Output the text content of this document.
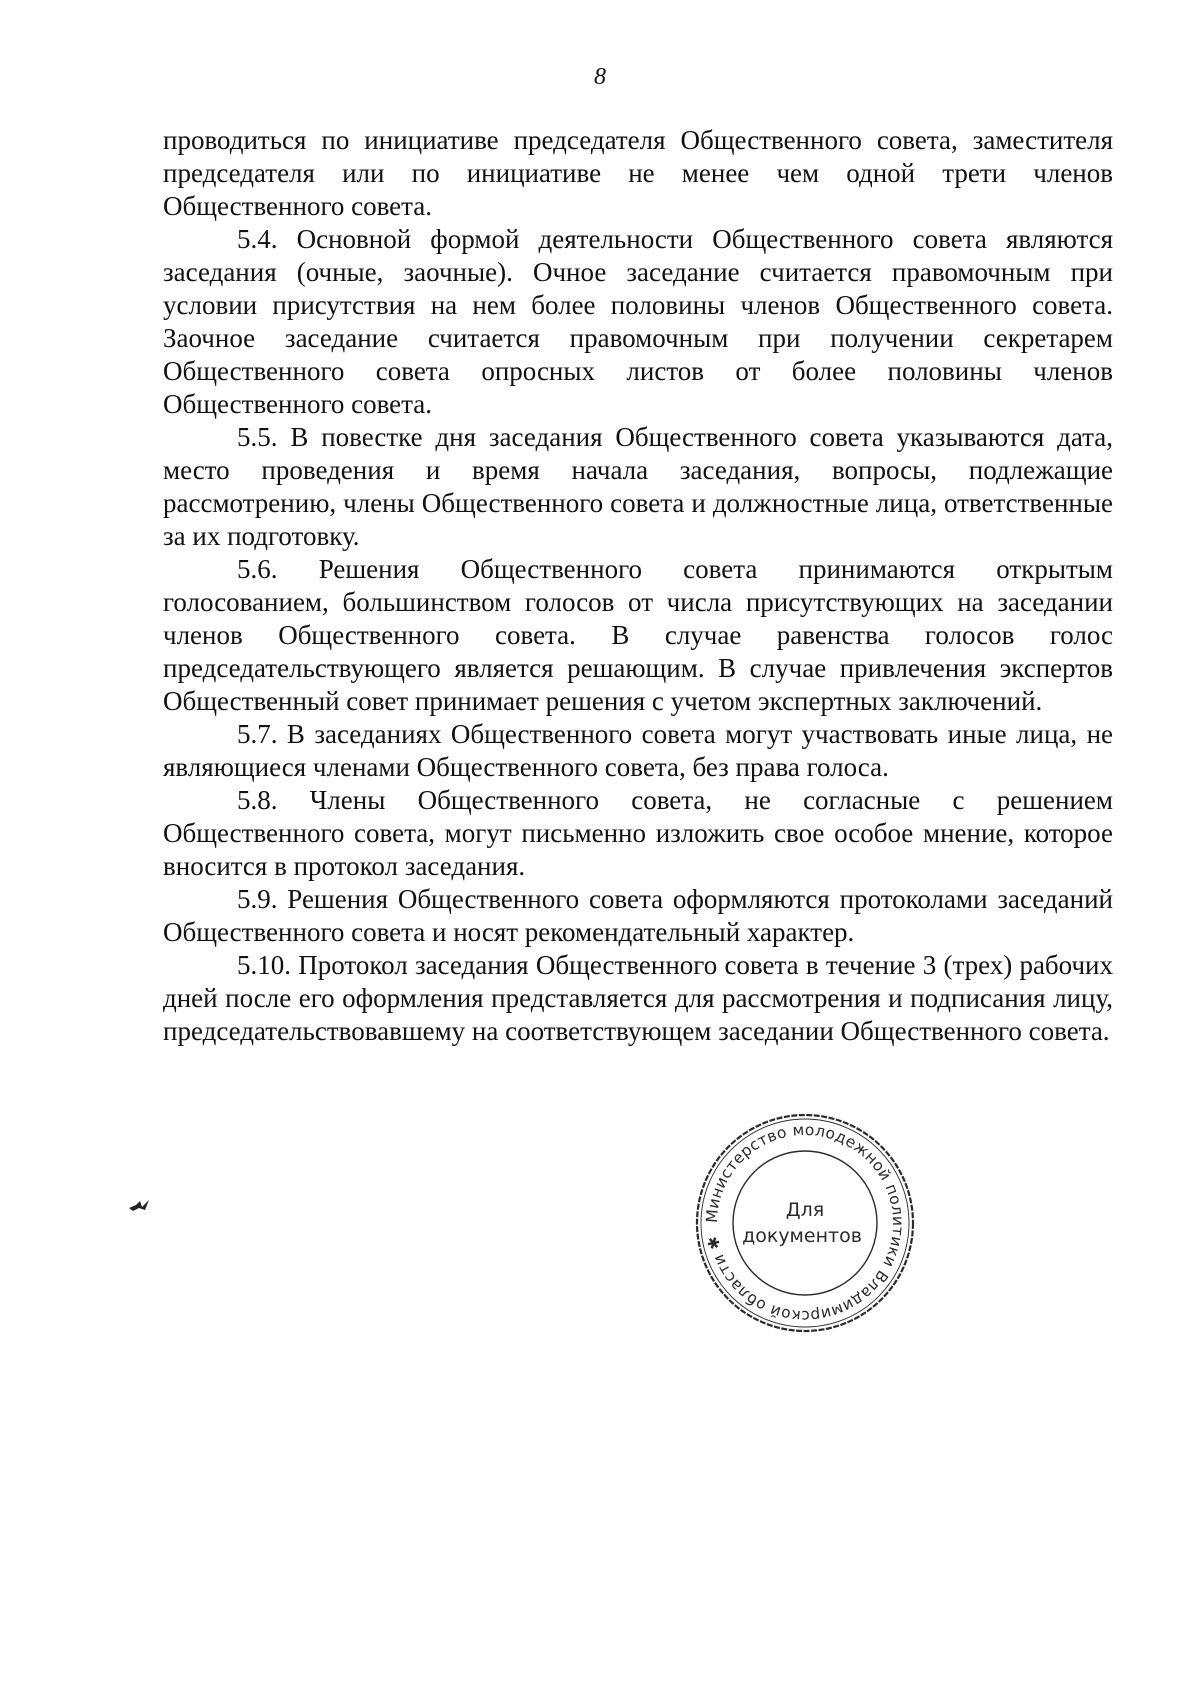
8

проводиться по инициативе председателя Общественного совета, заместителя председателя или по инициативе не менее чем одной трети членов Общественного совета.

5.4. Основной формой деятельности Общественного совета являются заседания (очные, заочные). Очное заседание считается правомочным при условии присутствия на нем более половины членов Общественного совета. Заочное заседание считается правомочным при получении секретарем Общественного совета опросных листов от более половины членов Общественного совета.

5.5. В повестке дня заседания Общественного совета указываются дата, место проведения и время начала заседания, вопросы, подлежащие рассмотрению, члены Общественного совета и должностные лица, ответственные за их подготовку.

5.6. Решения Общественного совета принимаются открытым голосованием, большинством голосов от числа присутствующих на заседании членов Общественного совета. В случае равенства голосов голос председательствующего является решающим. В случае привлечения экспертов Общественный совет принимает решения с учетом экспертных заключений.

5.7. В заседаниях Общественного совета могут участвовать иные лица, не являющиеся членами Общественного совета, без права голоса.

5.8. Члены Общественного совета, не согласные с решением Общественного совета, могут письменно изложить свое особое мнение, которое вносится в протокол заседания.

5.9. Решения Общественного совета оформляются протоколами заседаний Общественного совета и носят рекомендательный характер.

5.10. Протокол заседания Общественного совета в течение 3 (трех) рабочих дней после его оформления представляется для рассмотрения и подписания лицу, председательствовавшему на соответствующем заседании Общественного совета.

Министерство молодежной политики Владимирской области ✱
Для
документов
